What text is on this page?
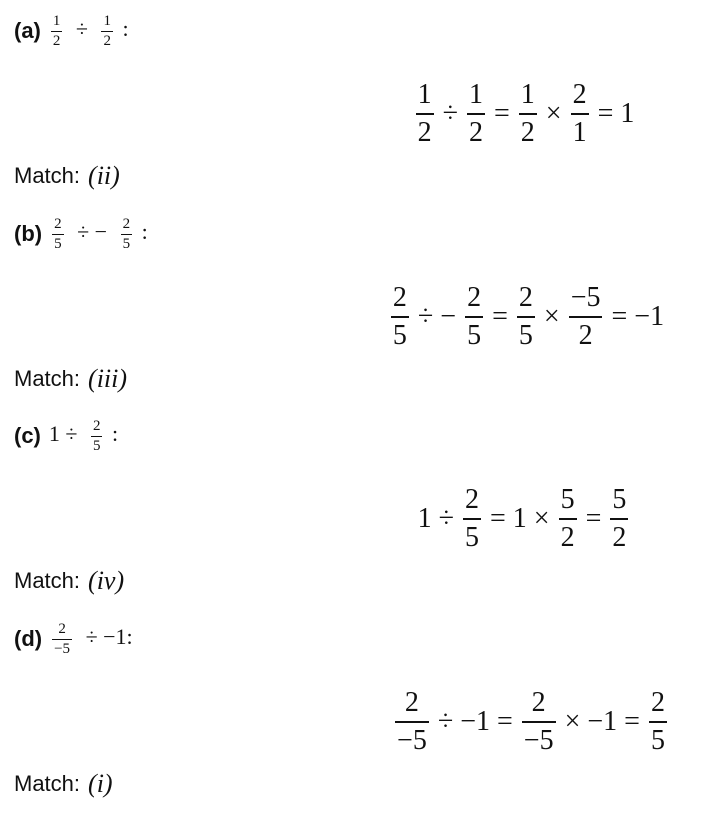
$(a) \frac{1}{2} \div \frac{1}{2}$ :
$\frac{1}{2} \div \frac{1}{2} = \frac{1}{2} \times \frac{2}{1} = 1$
Match: (ii)
$(b) \frac{2}{5}$ ÷ − $\frac{2}{5}$ :
$\frac{2}{5}$ ÷ − $\frac{2}{5} = \frac{2}{5} \times \frac{-5}{2} = -1$
Match: (iii)
(c) $1 \div \frac{2}{5}$ :
$1 \div \frac{2}{5} = 1 \times \frac{5}{2} = \frac{5}{2}$
Match: (iv)
$(d) \frac{2}{-5} \div -1$:
$\frac{2}{-5} \div -1 = \frac{2}{-5} \times -1 = \frac{2}{5}$
Match: (i)
